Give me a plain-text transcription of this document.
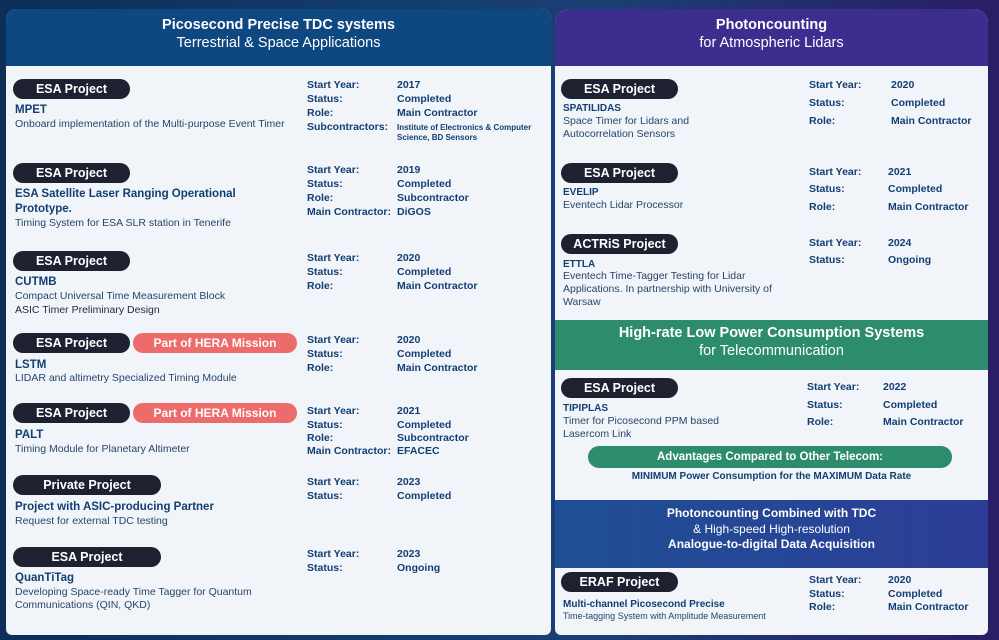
Picosecond Precise TDC systems
Terrestrial & Space Applications
ESA Project
MPET
Onboard implementation of the Multi-purpose Event Timer
Start Year:	2017
Status:	Completed
Role:	Main Contractor
Subcontractors: Institute of Electronics & Computer Science, BD Sensors
ESA Project
ESA Satellite Laser Ranging Operational Prototype.
Timing System for ESA SLR station in Tenerife
Start Year:	2019
Status:	Completed
Role:	Subcontractor
Main Contractor: DiGOS
ESA Project
CUTMB
Compact Universal Time Measurement Block
ASIC Timer Preliminary Design
Start Year:	2020
Status:	Completed
Role:	Main Contractor
ESA Project	Part of HERA Mission
LSTM
LIDAR and altimetry Specialized Timing Module
Start Year:	2020
Status:	Completed
Role:	Main Contractor
ESA Project	Part of HERA Mission
PALT
Timing Module for Planetary Altimeter
Start Year:	2021
Status:	Completed
Role:	Subcontractor
Main Contractor: EFACEC
Private Project
Project with ASIC-producing Partner
Request for external TDC testing
Start Year:	2023
Status:	Completed
ESA Project
QuanTiTag
Developing Space-ready Time Tagger for Quantum Communications (QIN, QKD)
Start Year:	2023
Status:	Ongoing
Photoncounting
for Atmospheric Lidars
ESA Project
SPATILIDAS
Space Timer for Lidars and Autocorrelation Sensors
Start Year:	2020
Status:	Completed
Role:	Main Contractor
ESA Project
EVELIP
Eventech Lidar Processor
Start Year:	2021
Status:	Completed
Role:	Main Contractor
ACTRiS Project
ETTLA
Eventech Time-Tagger Testing for Lidar Applications. In partnership with University of Warsaw
Start Year:	2024
Status:	Ongoing
High-rate Low Power Consumption Systems
for Telecommunication
ESA Project
TIPIPLAS
Timer for Picosecond PPM based Lasercom Link
Start Year: 2022
Status:	Completed
Role:	Main Contractor
Advantages Compared to Other Telecom:
MINIMUM Power Consumption for the MAXIMUM Data Rate
Photoncounting Combined with TDC
& High-speed High-resolution
Analogue-to-digital Data Acquisition
ERAF Project
Multi-channel Picosecond Precise
Time-tagging System with Amplitude Measurement
Start Year:	2020
Status:	Completed
Role:	Main Contractor
